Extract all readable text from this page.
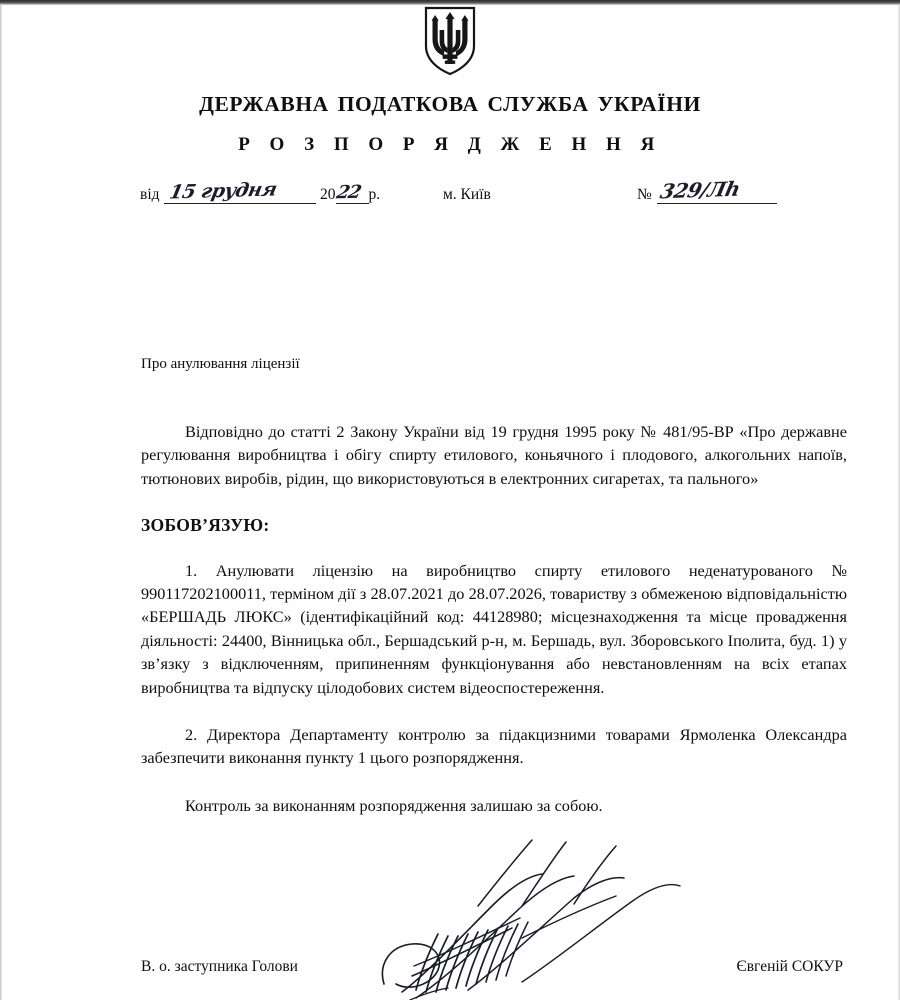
ДЕРЖАВНА ПОДАТКОВА СЛУЖБА УКРАЇНИ
Р О З П О Р Я Д Ж Е Н Н Я
від 15 грудня	20
22 р.	м. Київ	№ 329/Лh
Про анулювання ліцензії

Відповідно до статті 2 Закону України від 19 грудня 1995 року № 481/95-ВР «Про державне регулювання виробництва і обігу спирту етилового, коньячного і плодового, алкогольних напоїв, тютюнових виробів, рідин, що використовуються в електронних сигаретах, та пального»

ЗОБОВ’ЯЗУЮ:

1. Анулювати ліцензію на виробництво спирту етилового неденатурованого № 990117202100011, терміном дії з 28.07.2021 до 28.07.2026, товариству з обмеженою відповідальністю «БЕРШАДЬ ЛЮКС» (ідентифікаційний код: 44128980; місцезнаходження та місце провадження діяльності: 24400, Вінницька обл., Бершадський р-н, м. Бершадь, вул. Зборовського Іполита, буд. 1) у зв’язку з відключенням, припиненням функціонування або невстановленням на всіх етапах виробництва та відпуску цілодобових систем відеоспостереження.

2. Директора Департаменту контролю за підакцизними товарами Ярмоленка Олександра забезпечити виконання пункту 1 цього розпорядження.

Контроль за виконанням розпорядження залишаю за собою.

В. о. заступника Голови	Євгеній СОКУР
